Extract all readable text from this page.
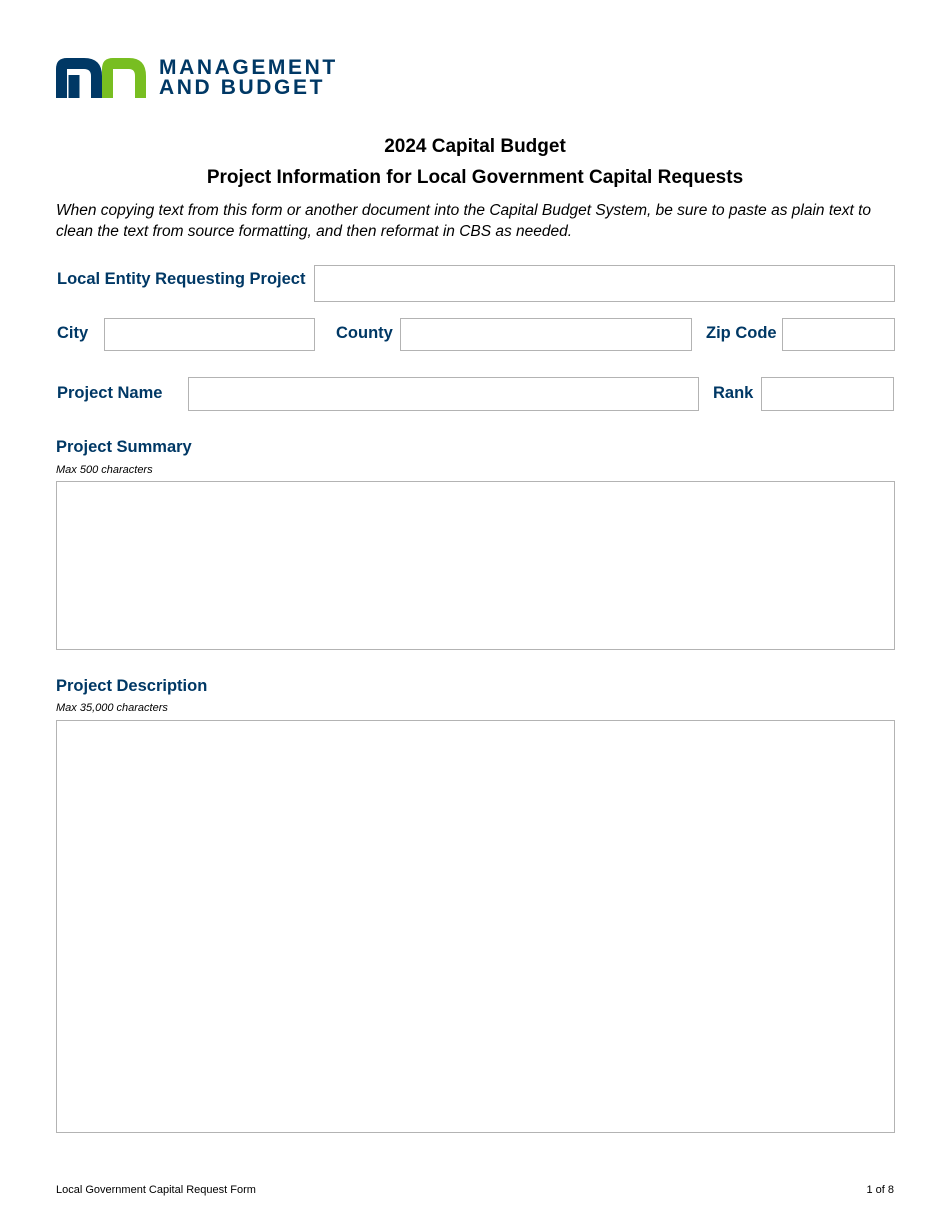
MANAGEMENT
AND BUDGET
2024 Capital Budget
Project Information for Local Government Capital Requests
When copying text from this form or another document into the Capital Budget System, be sure to paste as plain text to clean the text from source formatting, and then reformat in CBS as needed.
Local Entity Requesting Project
City	County	Zip Code
Project Name	Rank
Project Summary
Max 500 characters
Project Description
Max 35,000 characters
Local Government Capital Request Form	1 of 8
